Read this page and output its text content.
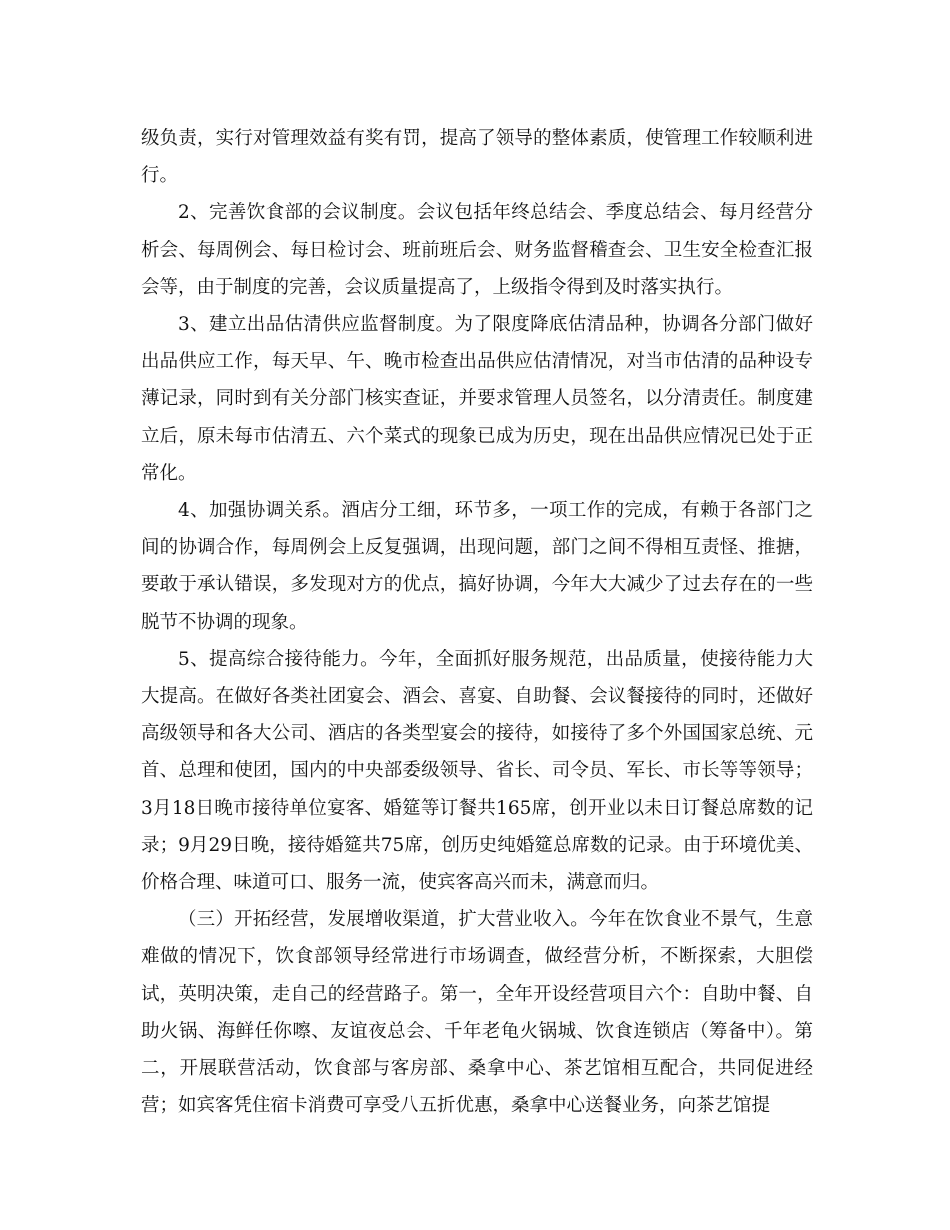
级负责，实行对管理效益有奖有罚，提高了领导的整体素质，使管理工作较顺利进行。

2、完善饮食部的会议制度。会议包括年终总结会、季度总结会、每月经营分析会、每周例会、每日检讨会、班前班后会、财务监督稽查会、卫生安全检查汇报会等，由于制度的完善，会议质量提高了，上级指令得到及时落实执行。

3、建立出品估清供应监督制度。为了限度降底估清品种，协调各分部门做好出品供应工作，每天早、午、晚市检查出品供应估清情况，对当市估清的品种设专薄记录，同时到有关分部门核实查证，并要求管理人员签名，以分清责任。制度建立后，原未每市估清五、六个菜式的现象已成为历史，现在出品供应情况已处于正常化。

4、加强协调关系。酒店分工细，环节多，一项工作的完成，有赖于各部门之间的协调合作，每周例会上反复强调，出现问题，部门之间不得相互责怪、推搪，要敢于承认错误，多发现对方的优点，搞好协调，今年大大减少了过去存在的一些脱节不协调的现象。

5、提高综合接待能力。今年，全面抓好服务规范，出品质量，使接待能力大大提高。在做好各类社团宴会、酒会、喜宴、自助餐、会议餐接待的同时，还做好高级领导和各大公司、酒店的各类型宴会的接待，如接待了多个外国国家总统、元首、总理和使团，国内的中央部委级领导、省长、司令员、军长、市长等等领导；3月18日晚市接待单位宴客、婚筵等订餐共165席，创开业以未日订餐总席数的记录；9月29日晚，接待婚筵共75席，创历史纯婚筵总席数的记录。由于环境优美、价格合理、味道可口、服务一流，使宾客高兴而未，满意而归。

（三）开拓经营，发展增收渠道，扩大营业收入。今年在饮食业不景气，生意难做的情况下，饮食部领导经常进行市场调查，做经营分析，不断探索，大胆偿试，英明决策，走自己的经营路子。第一，全年开设经营项目六个：自助中餐、自助火锅、海鲜任你嚓、友谊夜总会、千年老龟火锅城、饮食连锁店（筹备中）。第二，开展联营活动，饮食部与客房部、桑拿中心、茶艺馆相互配合，共同促进经营；如宾客凭住宿卡消费可享受八五折优惠，桑拿中心送餐业务，向茶艺馆提
